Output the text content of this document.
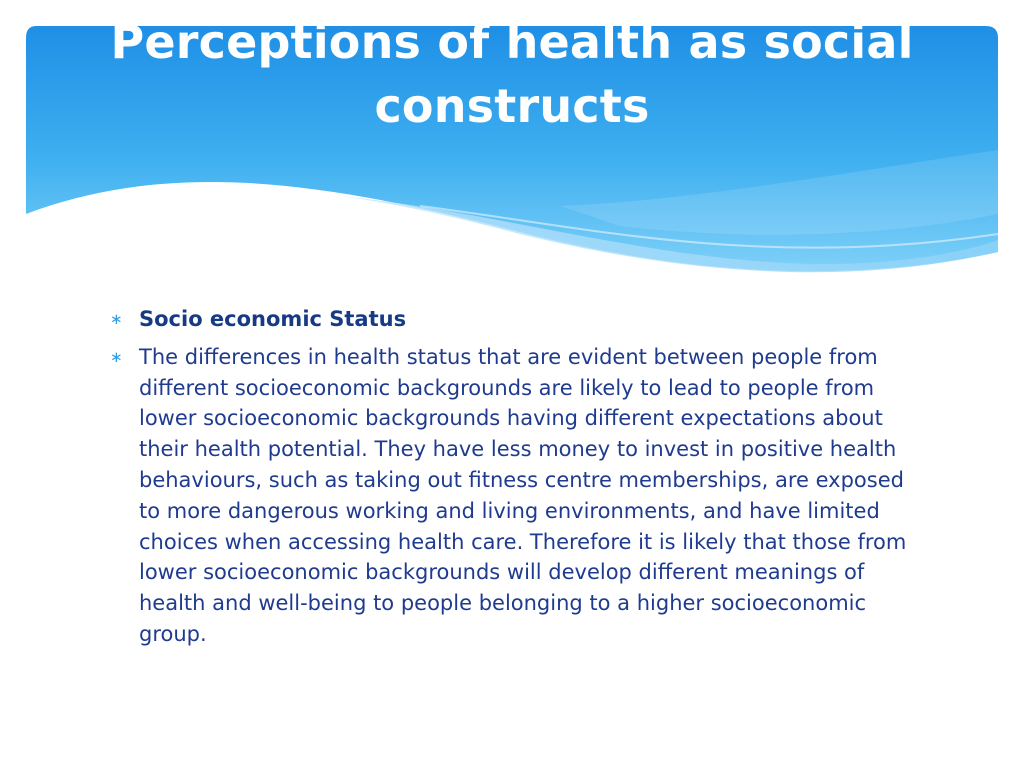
Perceptions of health as social constructs
∗ Socio economic Status
∗ The differences in health status that are evident between people from different socioeconomic backgrounds are likely to lead to people from lower socioeconomic backgrounds having different expectations about their health potential. They have less money to invest in positive health behaviours, such as taking out fitness centre memberships, are exposed to more dangerous working and living environments, and have limited choices when accessing health care. Therefore it is likely that those from lower socioeconomic backgrounds will develop different meanings of health and well-being to people belonging to a higher socioeconomic group.
